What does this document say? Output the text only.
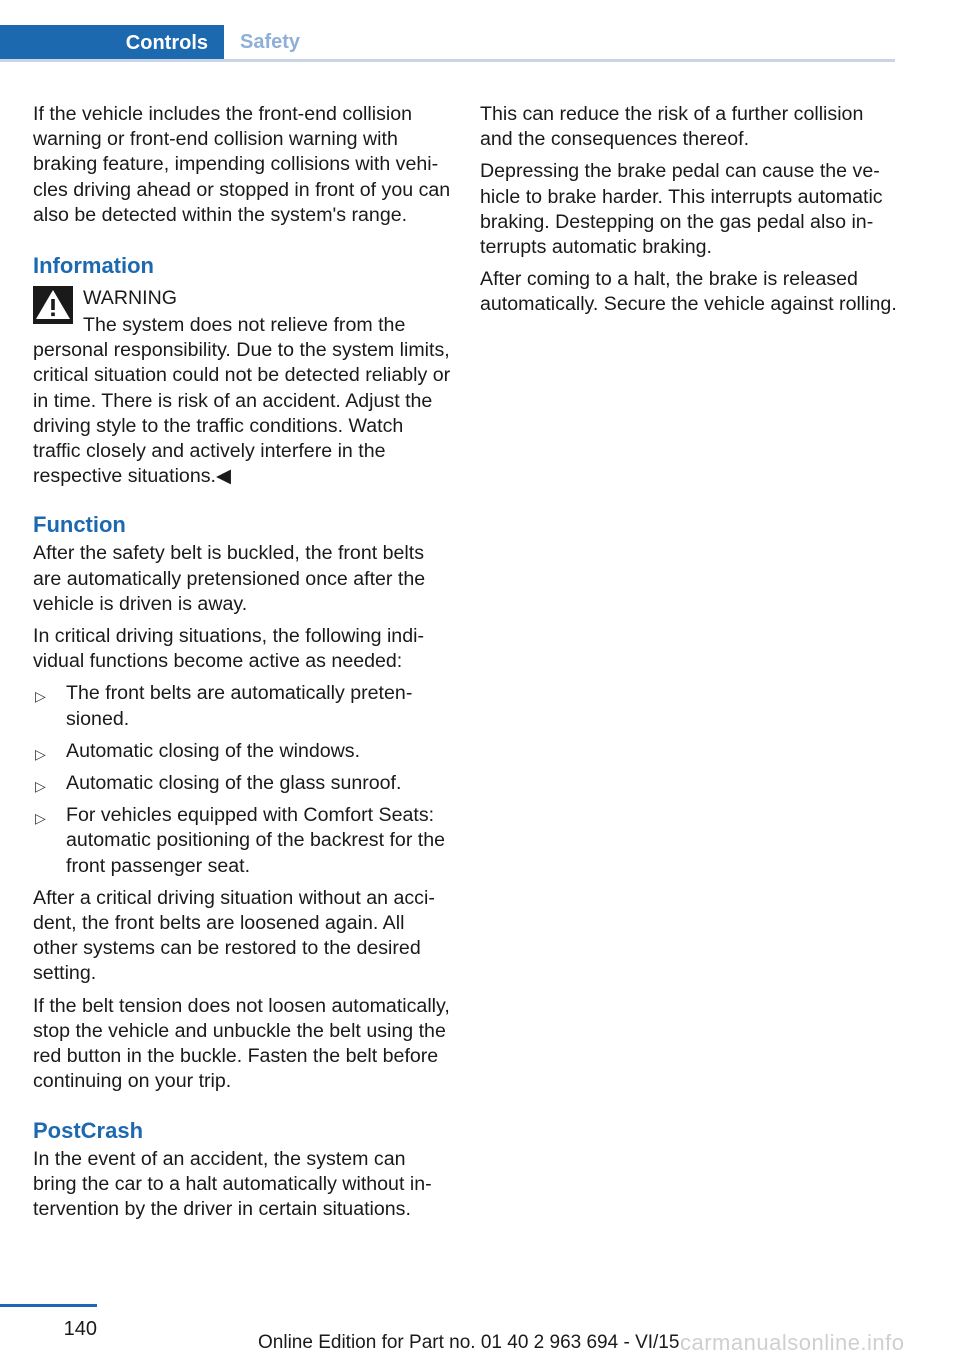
Controls Safety

If the vehicle includes the front-end collision warning or front-end collision warning with braking feature, impending collisions with vehicles driving ahead or stopped in front of you can also be detected within the system's range.

Information
WARNING

The system does not relieve from the personal responsibility. Due to the system limits, critical situation could not be detected reliably or in time. There is risk of an accident. Adjust the driving style to the traffic conditions. Watch traffic closely and actively interfere in the respective situations.◀

Function

After the safety belt is buckled, the front belts are automatically pretensioned once after the vehicle is driven is away.

In critical driving situations, the following individual functions become active as needed:

▷ The front belts are automatically pretensioned.
▷ Automatic closing of the windows.
▷ Automatic closing of the glass sunroof.
▷ For vehicles equipped with Comfort Seats: automatic positioning of the backrest for the front passenger seat.

After a critical driving situation without an accident, the front belts are loosened again. All other systems can be restored to the desired setting.

If the belt tension does not loosen automatically, stop the vehicle and unbuckle the belt using the red button in the buckle. Fasten the belt before continuing on your trip.

PostCrash

In the event of an accident, the system can bring the car to a halt automatically without intervention by the driver in certain situations.

This can reduce the risk of a further collision and the consequences thereof.

Depressing the brake pedal can cause the vehicle to brake harder. This interrupts automatic braking. Destepping on the gas pedal also interrupts automatic braking.

After coming to a halt, the brake is released automatically. Secure the vehicle against rolling.

140
Online Edition for Part no. 01 40 2 963 694 - VI/15 carmanualsonline.info
